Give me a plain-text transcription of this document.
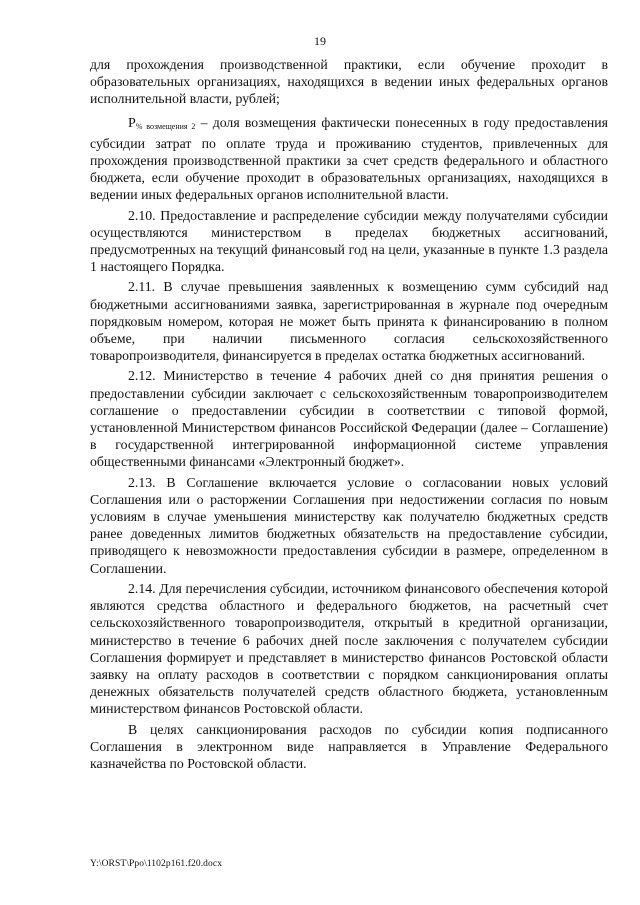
19

для прохождения производственной практики, если обучение проходит в образовательных организациях, находящихся в ведении иных федеральных органов исполнительной власти, рублей;

$P_{\% возмещения 2}$ – доля возмещения фактически понесенных в году предоставления субсидии затрат по оплате труда и проживанию студентов, привлеченных для прохождения производственной практики за счет средств федерального и областного бюджета, если обучение проходит в образовательных организациях, находящихся в ведении иных федеральных органов исполнительной власти.

2.10. Предоставление и распределение субсидии между получателями субсидии осуществляются министерством в пределах бюджетных ассигнований, предусмотренных на текущий финансовый год на цели, указанные в пункте 1.3 раздела 1 настоящего Порядка.

2.11. В случае превышения заявленных к возмещению сумм субсидий над бюджетными ассигнованиями заявка, зарегистрированная в журнале под очередным порядковым номером, которая не может быть принята к финансированию в полном объеме, при наличии письменного согласия сельскохозяйственного товаропроизводителя, финансируется в пределах остатка бюджетных ассигнований.

2.12. Министерство в течение 4 рабочих дней со дня принятия решения о предоставлении субсидии заключает с сельскохозяйственным товаропроизводителем соглашение о предоставлении субсидии в соответствии с типовой формой, установленной Министерством финансов Российской Федерации (далее – Соглашение) в государственной интегрированной информационной системе управления общественными финансами «Электронный бюджет».

2.13. В Соглашение включается условие о согласовании новых условий Соглашения или о расторжении Соглашения при недостижении согласия по новым условиям в случае уменьшения министерству как получателю бюджетных средств ранее доведенных лимитов бюджетных обязательств на предоставление субсидии, приводящего к невозможности предоставления субсидии в размере, определенном в Соглашении.

2.14. Для перечисления субсидии, источником финансового обеспечения которой являются средства областного и федерального бюджетов, на расчетный счет сельскохозяйственного товаропроизводителя, открытый в кредитной организации, министерство в течение 6 рабочих дней после заключения с получателем субсидии Соглашения формирует и представляет в министерство финансов Ростовской области заявку на оплату расходов в соответствии с порядком санкционирования оплаты денежных обязательств получателей средств областного бюджета, установленным министерством финансов Ростовской области.

В целях санкционирования расходов по субсидии копия подписанного Соглашения в электронном виде направляется в Управление Федерального казначейства по Ростовской области.

Y:\ORST\Ppo\1102p161.f20.docx
